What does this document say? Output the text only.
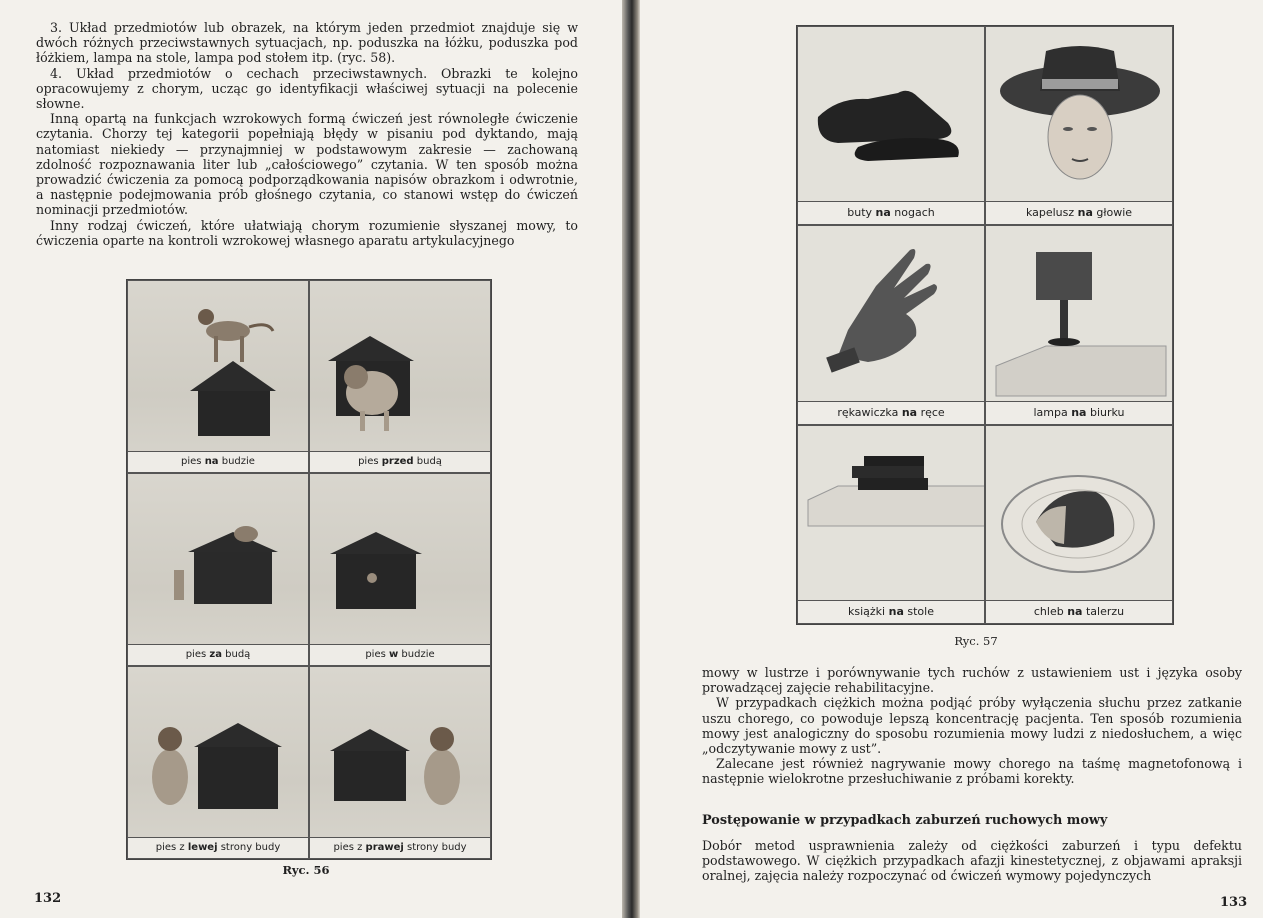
3. Układ przedmiotów lub obrazek, na którym jeden przedmiot znajduje się w dwóch różnych przeciwstawnych sytuacjach, np. poduszka na łóżku, poduszka pod łóżkiem, lampa na stole, lampa pod stołem itp. (ryc. 58).

4. Układ przedmiotów o cechach przeciwstawnych. Obrazki te kolejno opracowujemy z chorym, ucząc go identyfikacji właściwej sytuacji na polecenie słowne.

Inną opartą na funkcjach wzrokowych formą ćwiczeń jest równoległe ćwiczenie czytania. Chorzy tej kategorii popełniają błędy w pisaniu pod dyktando, mają natomiast niekiedy — przynajmniej w podstawowym zakresie — zachowaną zdolność rozpoznawania liter lub „całościowego” czytania. W ten sposób można prowadzić ćwiczenia za pomocą podporządkowania napisów obrazkom i odwrotnie, a następnie podejmowania prób głośnego czytania, co stanowi wstęp do ćwiczeń nominacji przedmiotów.

Inny rodzaj ćwiczeń, które ułatwiają chorym rozumienie słyszanej mowy, to ćwiczenia oparte na kontroli wzrokowej własnego aparatu artykulacyjnego

pies na budzie	pies przed budą
pies za budą	pies w budzie
pies z lewej strony budy	pies z prawej strony budy
Ryc. 56
132
buty na nogach	kapelusz na głowie
rękawiczka na ręce	lampa na biurku
książki na stole	chleb na talerzu
Ryc. 57

mowy w lustrze i porównywanie tych ruchów z ustawieniem ust i języka osoby prowadzącej zajęcie rehabilitacyjne.

W przypadkach ciężkich można podjąć próby wyłączenia słuchu przez zatkanie uszu chorego, co powoduje lepszą koncentrację pacjenta. Ten sposób rozumienia mowy jest analogiczny do sposobu rozumienia mowy ludzi z niedosłuchem, a więc „odczytywanie mowy z ust”.

Zalecane jest również nagrywanie mowy chorego na taśmę magnetofonową i następnie wielokrotne przesłuchiwanie z próbami korekty.

Postępowanie w przypadkach zaburzeń ruchowych mowy

Dobór metod usprawnienia zależy od ciężkości zaburzeń i typu defektu podstawowego. W ciężkich przypadkach afazji kinestetycznej, z objawami apraksji oralnej, zajęcia należy rozpoczynać od ćwiczeń wymowy pojedynczych

133
